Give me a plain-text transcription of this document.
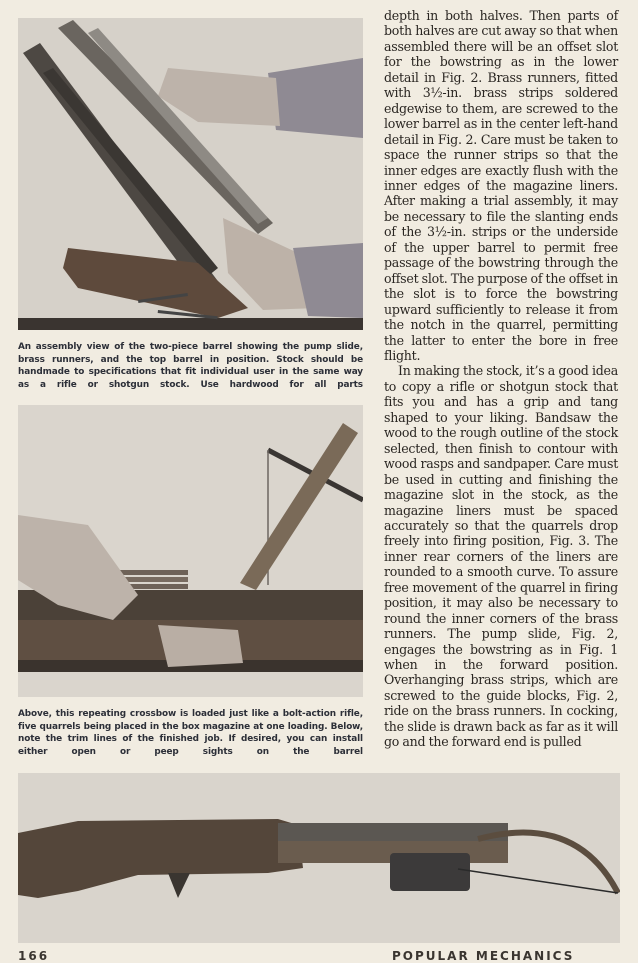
An assembly view of the two-piece barrel showing the pump slide, brass runners, and the top barrel in position. Stock should be handmade to specifications that fit individual user in the same way as a rifle or shotgun stock. Use hardwood for all parts
Above, this repeating crossbow is loaded just like a bolt-action rifle, five quarrels being placed in the box magazine at one loading. Below, note the trim lines of the finished job. If desired, you can install either open or peep sights on the barrel

depth in both halves. Then parts of both halves are cut away so that when assembled there will be an offset slot for the bowstring as in the lower detail in Fig. 2. Brass runners, fitted with 3½-in. brass strips soldered edgewise to them, are screwed to the lower barrel as in the center left-hand detail in Fig. 2. Care must be taken to space the runner strips so that the inner edges are exactly flush with the inner edges of the magazine liners. After making a trial assembly, it may be necessary to file the slanting ends of the 3½-in. strips or the underside of the upper barrel to permit free passage of the bowstring through the offset slot. The purpose of the offset in the slot is to force the bowstring upward sufficiently to release it from the notch in the quarrel, permitting the latter to enter the bore in free flight.

In making the stock, it’s a good idea to copy a rifle or shotgun stock that fits you and has a grip and tang shaped to your liking. Bandsaw the wood to the rough outline of the stock selected, then finish to contour with wood rasps and sandpaper. Care must be used in cutting and finishing the magazine slot in the stock, as the magazine liners must be spaced accurately so that the quarrels drop freely into firing position, Fig. 3. The inner rear corners of the liners are rounded to a smooth curve. To assure free movement of the quarrel in firing position, it may also be necessary to round the inner corners of the brass runners. The pump slide, Fig. 2, engages the bowstring as in Fig. 1 when in the forward position. Overhanging brass strips, which are screwed to the guide blocks, Fig. 2, ride on the brass runners. In cocking, the slide is drawn back as far as it will go and the forward end is pulled

166	POPULAR MECHANICS
